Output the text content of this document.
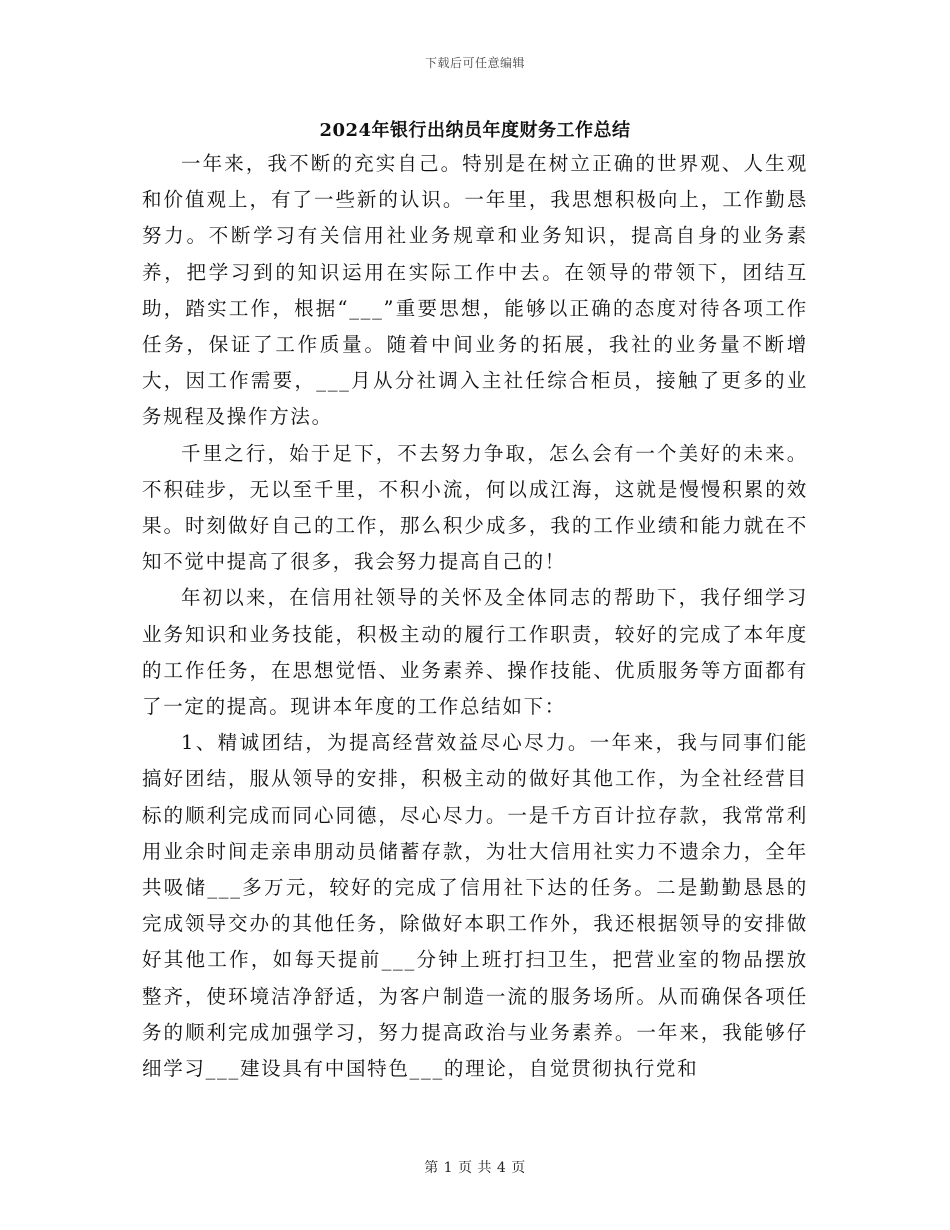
下载后可任意编辑
2024年银行出纳员年度财务工作总结

一年来，我不断的充实自己。特别是在树立正确的世界观、人生观和价值观上，有了一些新的认识。一年里，我思想积极向上，工作勤恳努力。不断学习有关信用社业务规章和业务知识，提高自身的业务素养，把学习到的知识运用在实际工作中去。在领导的带领下，团结互助，踏实工作，根据“___”重要思想，能够以正确的态度对待各项工作任务，保证了工作质量。随着中间业务的拓展，我社的业务量不断增大，因工作需要，___月从分社调入主社任综合柜员，接触了更多的业务规程及操作方法。

千里之行，始于足下，不去努力争取，怎么会有一个美好的未来。不积硅步，无以至千里，不积小流，何以成江海，这就是慢慢积累的效果。时刻做好自己的工作，那么积少成多，我的工作业绩和能力就在不知不觉中提高了很多，我会努力提高自己的！

年初以来，在信用社领导的关怀及全体同志的帮助下，我仔细学习业务知识和业务技能，积极主动的履行工作职责，较好的完成了本年度的工作任务，在思想觉悟、业务素养、操作技能、优质服务等方面都有了一定的提高。现讲本年度的工作总结如下：

1、精诚团结，为提高经营效益尽心尽力。一年来，我与同事们能搞好团结，服从领导的安排，积极主动的做好其他工作，为全社经营目标的顺利完成而同心同德，尽心尽力。一是千方百计拉存款，我常常利用业余时间走亲串朋动员储蓄存款，为壮大信用社实力不遗余力，全年共吸储___多万元，较好的完成了信用社下达的任务。二是勤勤恳恳的完成领导交办的其他任务，除做好本职工作外，我还根据领导的安排做好其他工作，如每天提前___分钟上班打扫卫生，把营业室的物品摆放整齐，使环境洁净舒适，为客户制造一流的服务场所。从而确保各项任务的顺利完成加强学习，努力提高政治与业务素养。一年来，我能够仔细学习___建设具有中国特色___的理论，自觉贯彻执行党和

第 1 页 共 4 页
